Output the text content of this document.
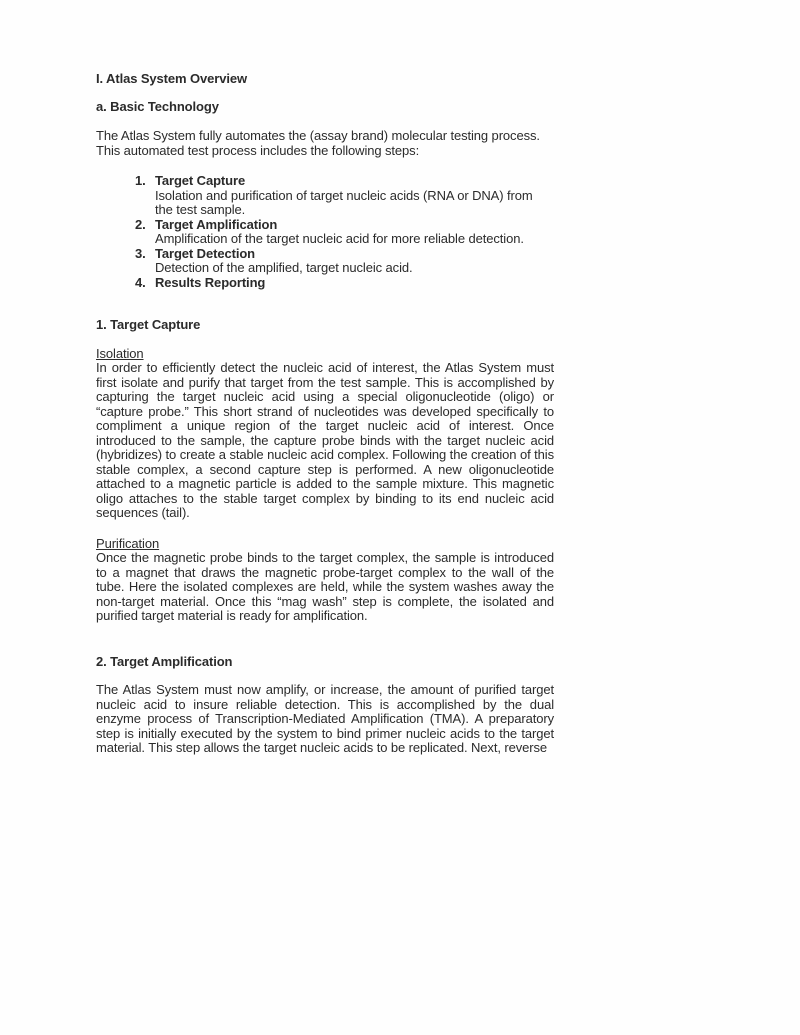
I. Atlas System Overview
a. Basic Technology

The Atlas System fully automates the (assay brand) molecular testing process. This automated test process includes the following steps:

1. Target Capture
Isolation and purification of target nucleic acids (RNA or DNA) from the test sample.
2. Target Amplification
Amplification of the target nucleic acid for more reliable detection.
3. Target Detection
Detection of the amplified, target nucleic acid.
4. Results Reporting
1. Target Capture

Isolation

In order to efficiently detect the nucleic acid of interest, the Atlas System must first isolate and purify that target from the test sample. This is accomplished by capturing the target nucleic acid using a special oligonucleotide (oligo) or “capture probe.” This short strand of nucleotides was developed specifically to compliment a unique region of the target nucleic acid of interest. Once introduced to the sample, the capture probe binds with the target nucleic acid (hybridizes) to create a stable nucleic acid complex. Following the creation of this stable complex, a second capture step is performed. A new oligonucleotide attached to a magnetic particle is added to the sample mixture. This magnetic oligo attaches to the stable target complex by binding to its end nucleic acid sequences (tail).

Purification

Once the magnetic probe binds to the target complex, the sample is introduced to a magnet that draws the magnetic probe-target complex to the wall of the tube. Here the isolated complexes are held, while the system washes away the non-target material. Once this “mag wash” step is complete, the isolated and purified target material is ready for amplification.

2. Target Amplification

The Atlas System must now amplify, or increase, the amount of purified target nucleic acid to insure reliable detection. This is accomplished by the dual enzyme process of Transcription-Mediated Amplification (TMA). A preparatory step is initially executed by the system to bind primer nucleic acids to the target material. This step allows the target nucleic acids to be replicated. Next, reverse
